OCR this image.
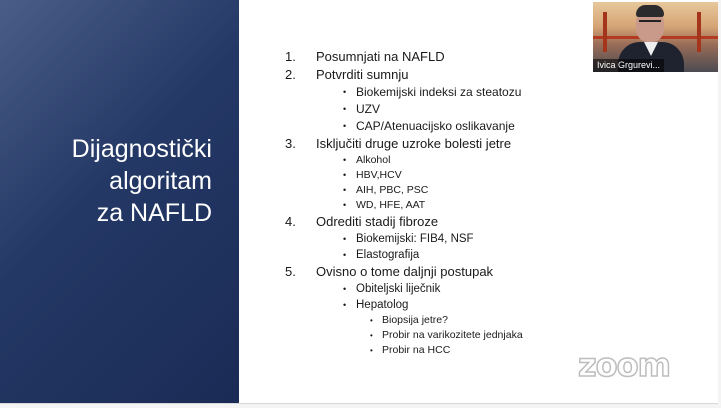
Dijagnostički
algoritam
za NAFLD
1. Posumnjati na NAFLD
2. Potvrditi sumnju
• Biokemijski indeksi za steatozu
• UZV
• CAP/Atenuacijsko oslikavanje
3. Isključiti druge uzroke bolesti jetre
• Alkohol
• HBV,HCV
• AIH, PBC, PSC
• WD, HFE, AAT
4. Odrediti stadij fibroze
• Biokemijski: FIB4, NSF
• Elastografija
5. Ovisno o tome daljnji postupak
• Obiteljski liječnik
• Hepatolog
• Biopsija jetre?
• Probir na varikozitete jednjaka
• Probir na HCC
Ivica Grgurevi...
zoom
